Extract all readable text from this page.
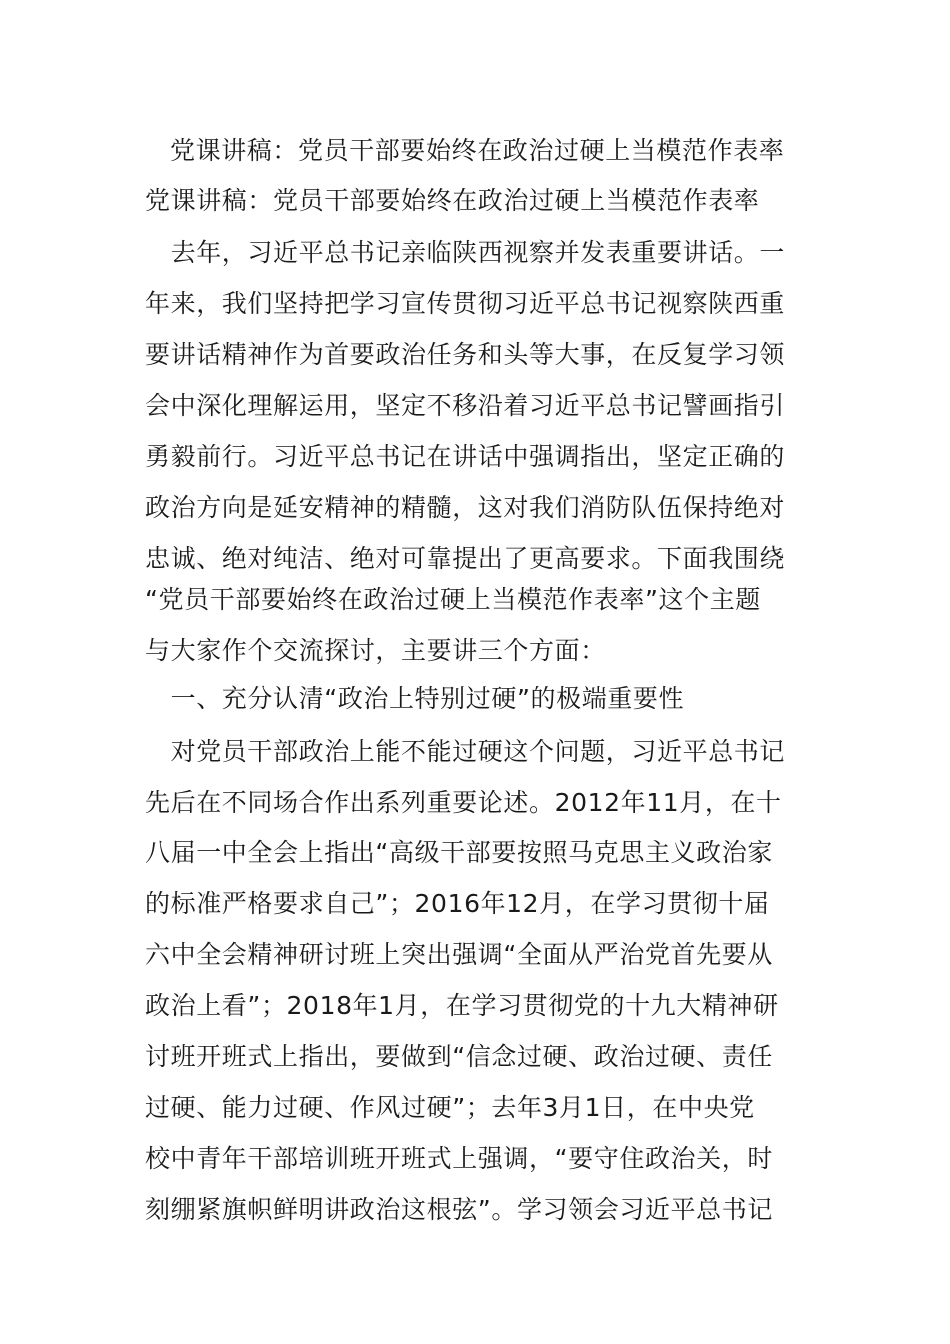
党课讲稿：党员干部要始终在政治过硬上当模范作表率
党课讲稿：党员干部要始终在政治过硬上当模范作表率
　去年，习近平总书记亲临陕西视察并发表重要讲话。一
年来，我们坚持把学习宣传贯彻习近平总书记视察陕西重
要讲话精神作为首要政治任务和头等大事，在反复学习领
会中深化理解运用，坚定不移沿着习近平总书记譬画指引
勇毅前行。习近平总书记在讲话中强调指出，坚定正确的
政治方向是延安精神的精髓，这对我们消防队伍保持绝对
忠诚、绝对纯洁、绝对可靠提出了更高要求。下面我围绕
“党员干部要始终在政治过硬上当模范作表率”这个主题
与大家作个交流探讨，主要讲三个方面：
　一、充分认清“政治上特别过硬”的极端重要性
　对党员干部政治上能不能过硬这个问题，习近平总书记
先后在不同场合作出系列重要论述。2012年11月，在十
八届一中全会上指出“高级干部要按照马克思主义政治家
的标准严格要求自己”；2016年12月，在学习贯彻十届
六中全会精神研讨班上突出强调“全面从严治党首先要从
政治上看”；2018年1月，在学习贯彻党的十九大精神研
讨班开班式上指出，要做到“信念过硬、政治过硬、责任
过硬、能力过硬、作风过硬”；去年3月1日，在中央党
校中青年干部培训班开班式上强调，“要守住政治关，时
刻绷紧旗帜鲜明讲政治这根弦”。学习领会习近平总书记
